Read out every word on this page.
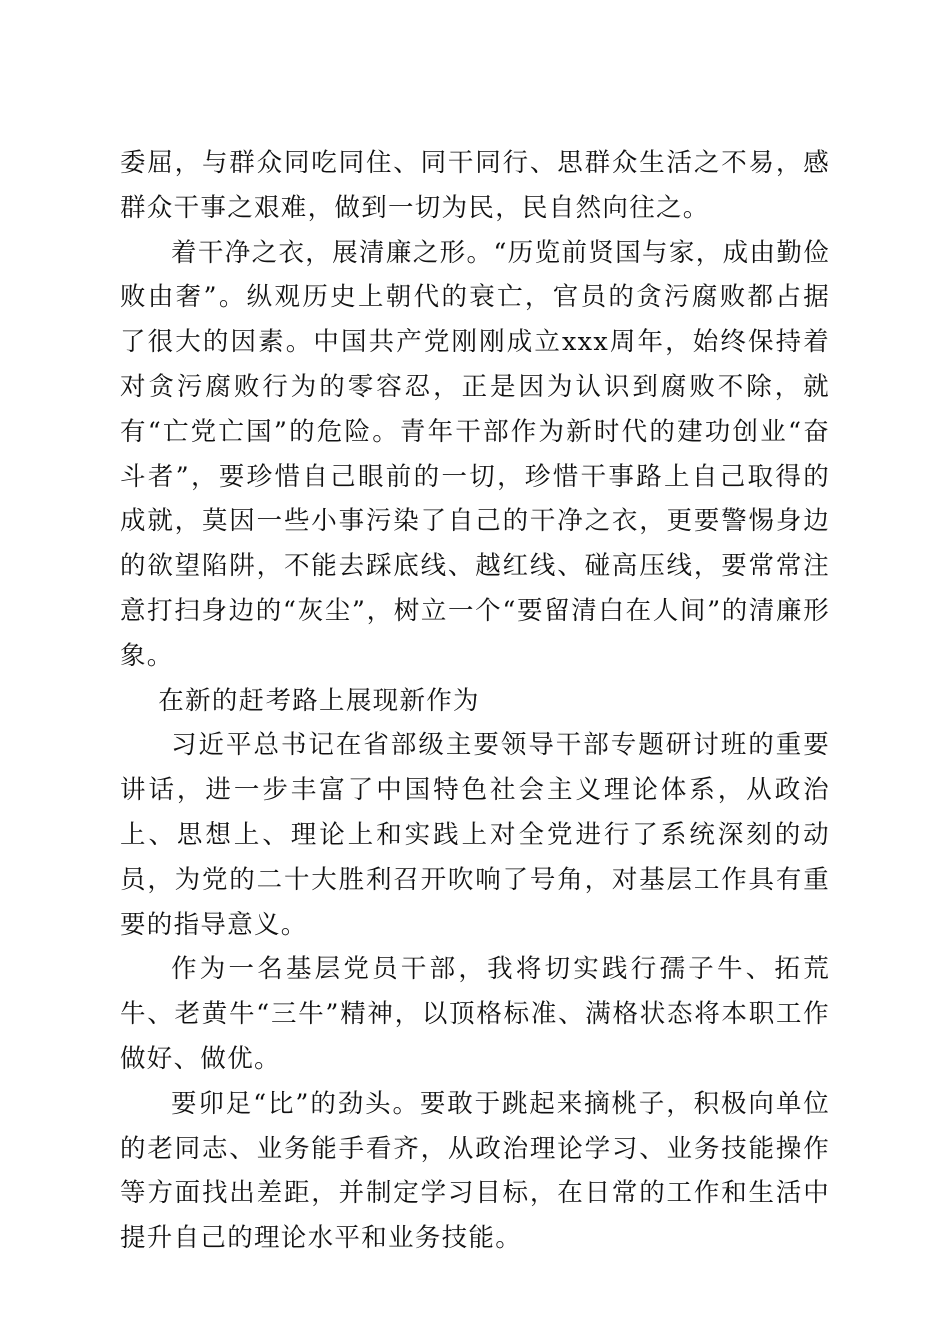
委屈，与群众同吃同住、同干同行、思群众生活之不易，感群众干事之艰难，做到一切为民，民自然向往之。

着干净之衣，展清廉之形。“历览前贤国与家，成由勤俭败由奢”。纵观历史上朝代的衰亡，官员的贪污腐败都占据了很大的因素。中国共产党刚刚成立xxx周年，始终保持着对贪污腐败行为的零容忍，正是因为认识到腐败不除，就有“亡党亡国”的危险。青年干部作为新时代的建功创业“奋斗者”，要珍惜自己眼前的一切，珍惜干事路上自己取得的成就，莫因一些小事污染了自己的干净之衣，更要警惕身边的欲望陷阱，不能去踩底线、越红线、碰高压线，要常常注意打扫身边的“灰尘”，树立一个“要留清白在人间”的清廉形象。

在新的赶考路上展现新作为

习近平总书记在省部级主要领导干部专题研讨班的重要讲话，进一步丰富了中国特色社会主义理论体系，从政治上、思想上、理论上和实践上对全党进行了系统深刻的动员，为党的二十大胜利召开吹响了号角，对基层工作具有重要的指导意义。

作为一名基层党员干部，我将切实践行孺子牛、拓荒牛、老黄牛“三牛”精神，以顶格标准、满格状态将本职工作做好、做优。

要卯足“比”的劲头。要敢于跳起来摘桃子，积极向单位的老同志、业务能手看齐，从政治理论学习、业务技能操作等方面找出差距，并制定学习目标，在日常的工作和生活中提升自己的理论水平和业务技能。
